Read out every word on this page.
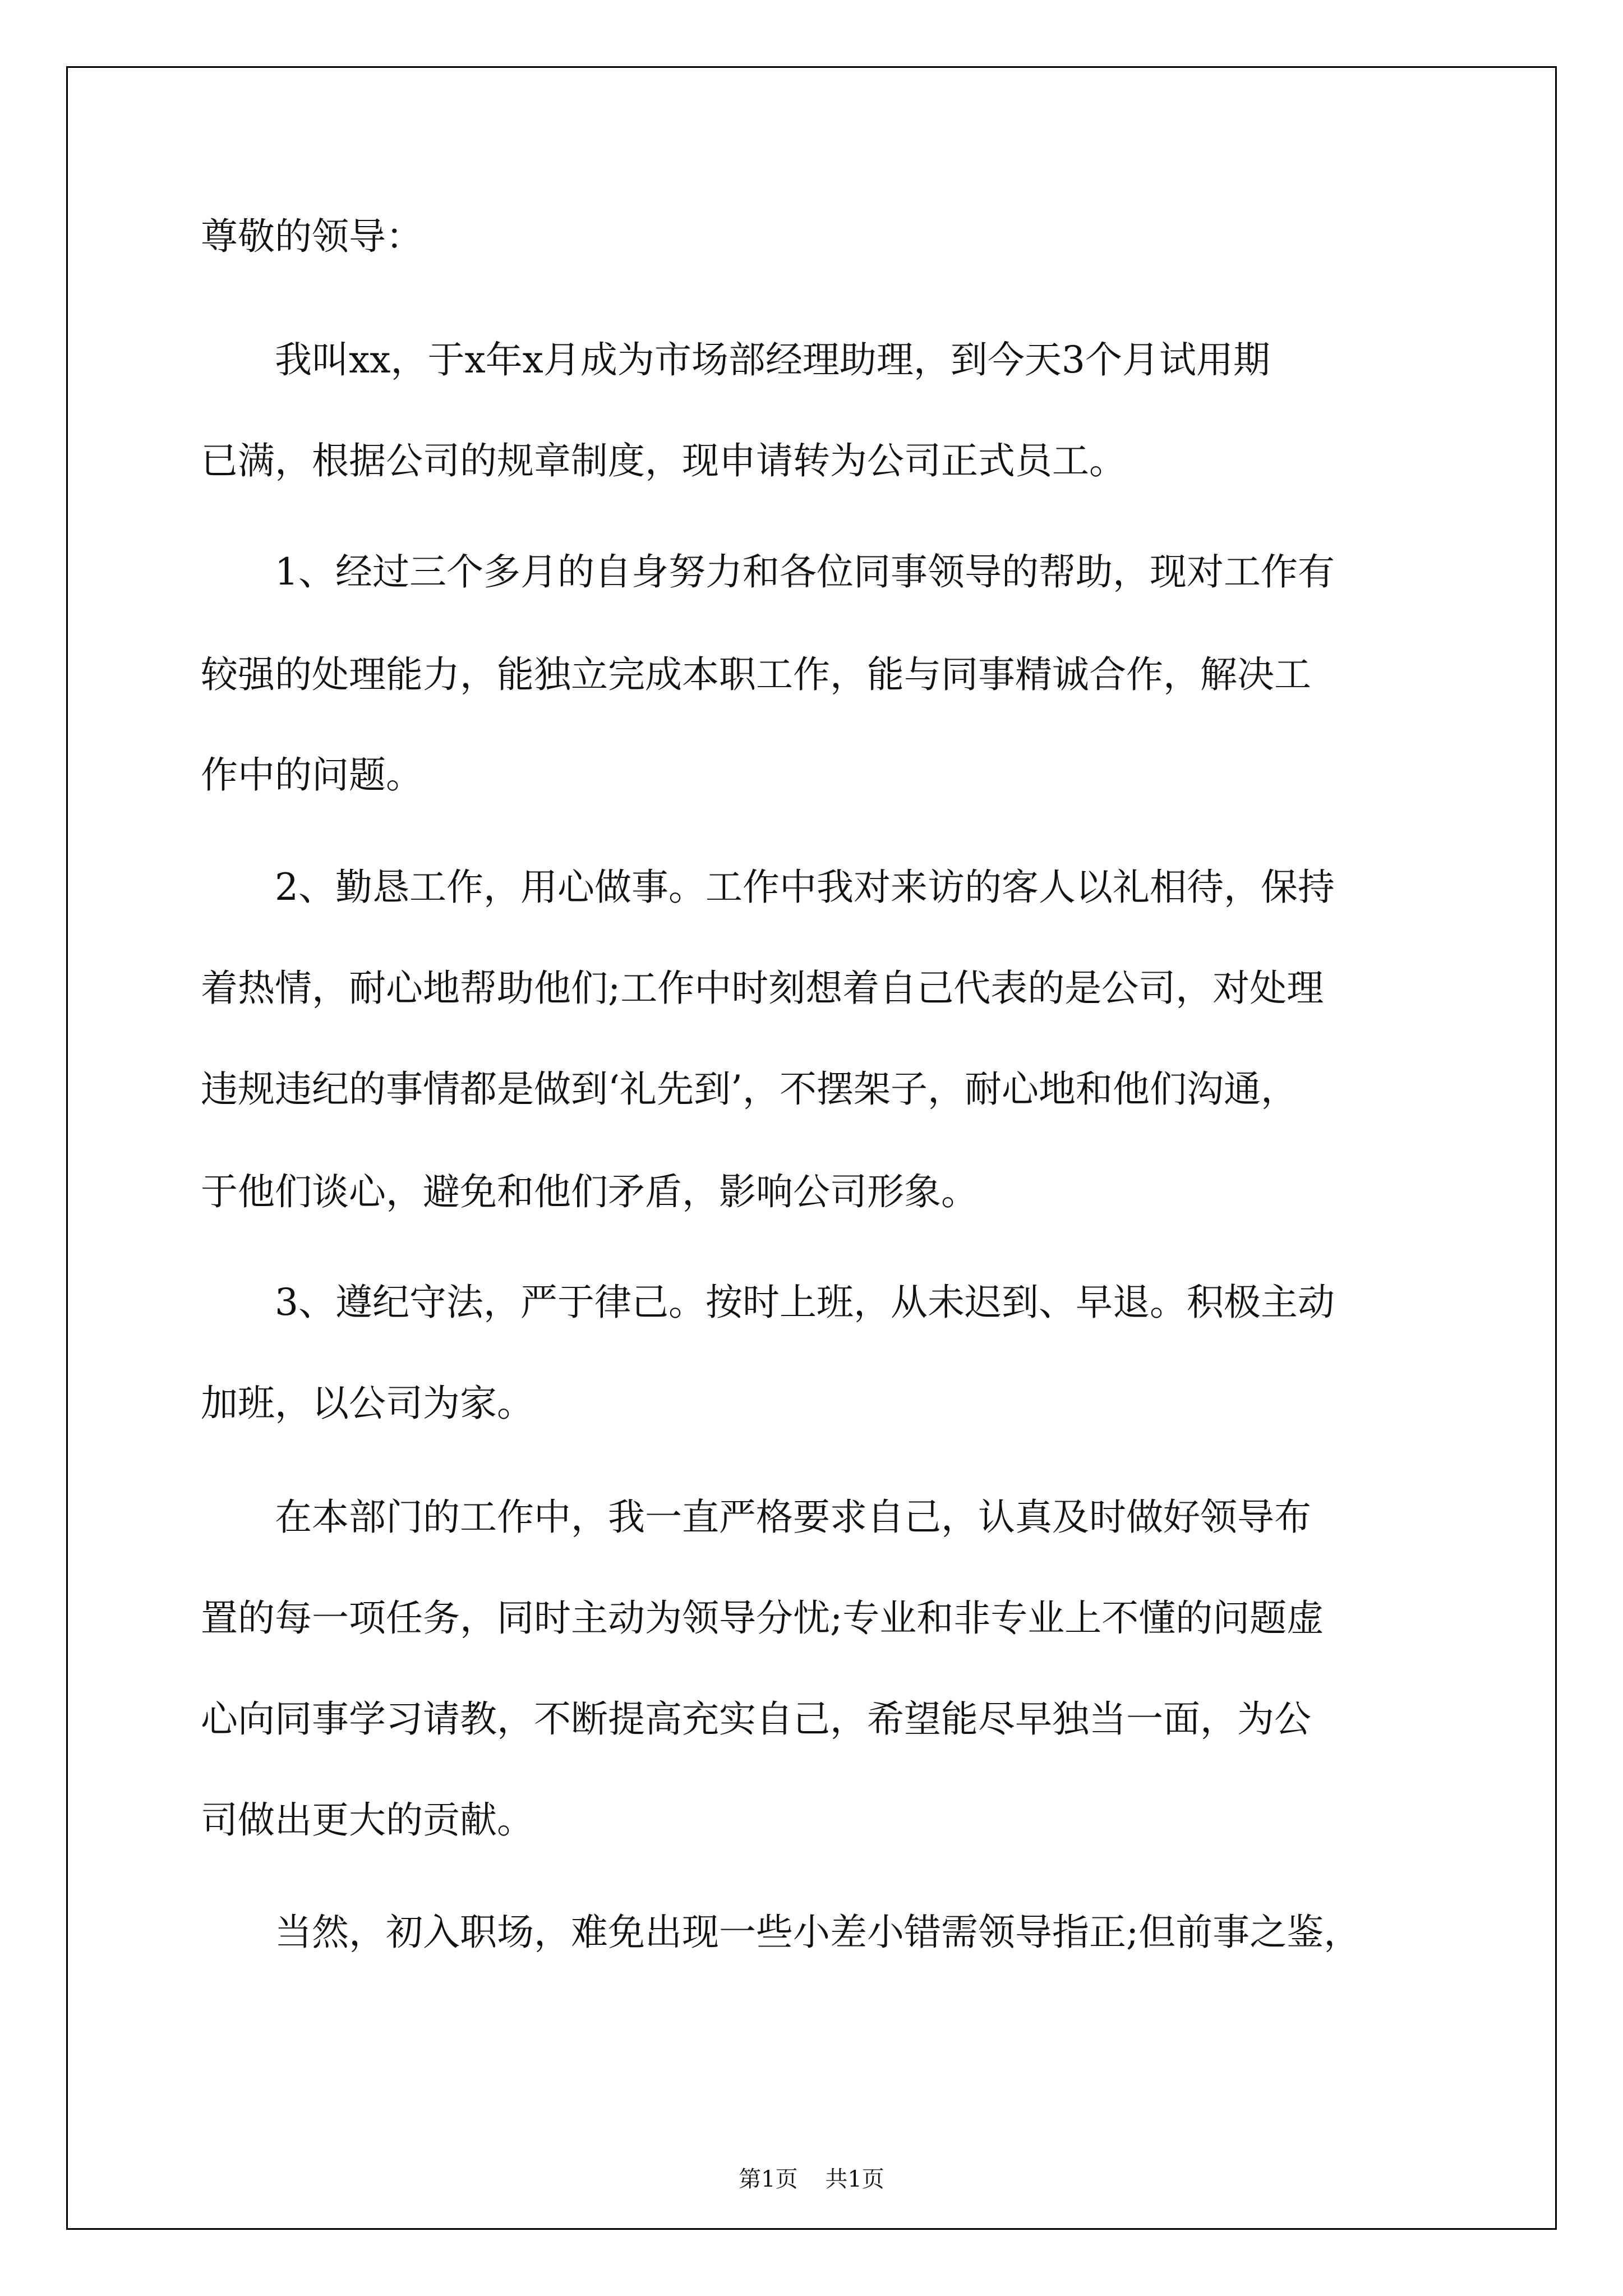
尊敬的领导：
我叫xx，于x年x月成为市场部经理助理，到今天3个月试用期
已满，根据公司的规章制度，现申请转为公司正式员工。
1、经过三个多月的自身努力和各位同事领导的帮助，现对工作有
较强的处理能力，能独立完成本职工作，能与同事精诚合作，解决工
作中的问题。
2、勤恳工作，用心做事。工作中我对来访的客人以礼相待，保持
着热情，耐心地帮助他们;工作中时刻想着自己代表的是公司，对处理
违规违纪的事情都是做到‘礼先到’，不摆架子，耐心地和他们沟通，
于他们谈心，避免和他们矛盾，影响公司形象。
3、遵纪守法，严于律己。按时上班，从未迟到、早退。积极主动
加班，以公司为家。
在本部门的工作中，我一直严格要求自己，认真及时做好领导布
置的每一项任务，同时主动为领导分忧;专业和非专业上不懂的问题虚
心向同事学习请教，不断提高充实自己，希望能尽早独当一面，为公
司做出更大的贡献。
当然，初入职场，难免出现一些小差小错需领导指正;但前事之鉴，
第1页 共1页
